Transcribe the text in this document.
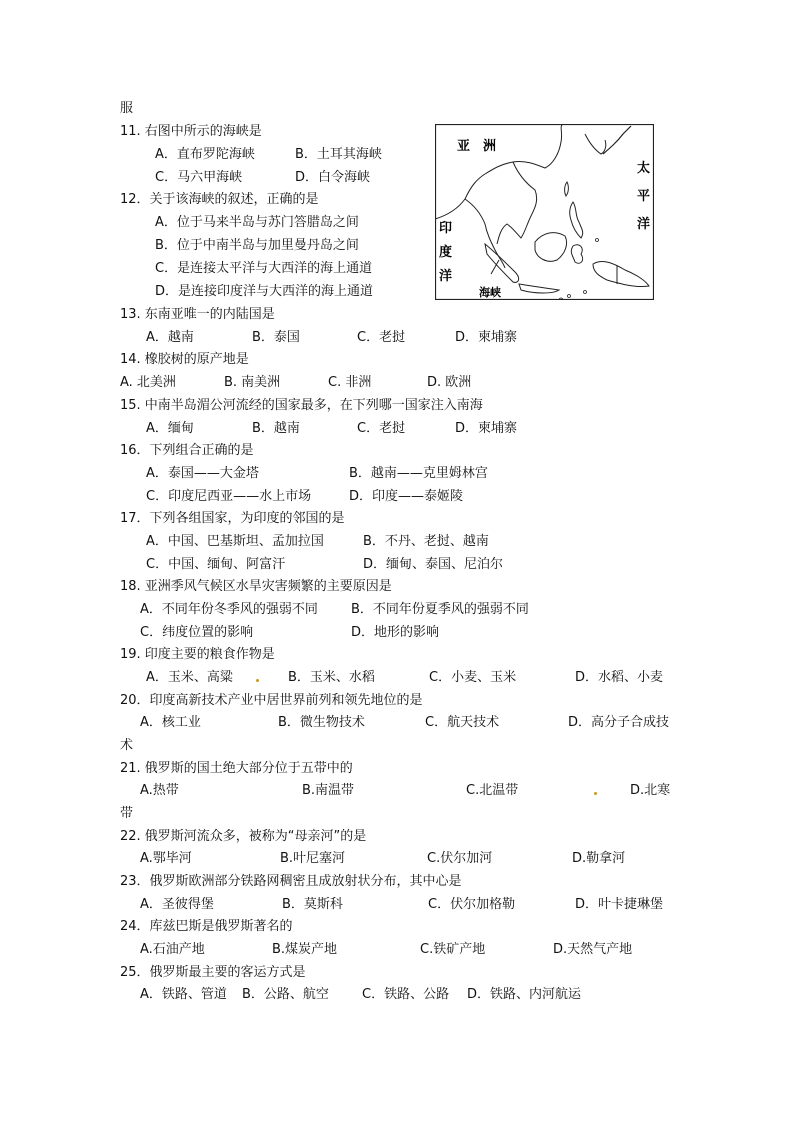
服
11. 右图中所示的海峡是
A．直布罗陀海峡	B．土耳其海峡
C．马六甲海峡	D．白令海峡
12．关于该海峡的叙述，正确的是
A．位于马来半岛与苏门答腊岛之间
B．位于中南半岛与加里曼丹岛之间
C．是连接太平洋与大西洋的海上通道
D．是连接印度洋与大西洋的海上通道
亚　洲
太
平
洋
印
度
洋
海峡
13. 东南亚唯一的内陆国是
A．越南	B．泰国	C．老挝	D．柬埔寨
14. 橡胶树的原产地是
A. 北美洲	B. 南美洲	C. 非洲	D. 欧洲
15. 中南半岛湄公河流经的国家最多，在下列哪一国家注入南海
A．缅甸	B．越南	C．老挝	D．柬埔寨
16．下列组合正确的是
A．泰国——大金塔	B．越南——克里姆林宫
C．印度尼西亚——水上市场	D．印度——泰姬陵
17．下列各组国家，为印度的邻国的是
A．中国、巴基斯坦、孟加拉国	B．不丹、老挝、越南
C．中国、缅甸、阿富汗	D．缅甸、泰国、尼泊尔
18. 亚洲季风气候区水旱灾害频繁的主要原因是
A．不同年份冬季风的强弱不同	B．不同年份夏季风的强弱不同
C．纬度位置的影响	D．地形的影响
19. 印度主要的粮食作物是
A．玉米、高粱	B．玉米、水稻	C．小麦、玉米	D．水稻、小麦
20．印度高新技术产业中居世界前列和领先地位的是
A．核工业	B．微生物技术	C．航天技术	D．高分子合成技
术
21. 俄罗斯的国土绝大部分位于五带中的
A.热带	B.南温带	C.北温带	D.北寒
带
22. 俄罗斯河流众多，被称为“母亲河”的是
A.鄂毕河	B.叶尼塞河	C.伏尔加河	D.勒拿河
23．俄罗斯欧洲部分铁路网稠密且成放射状分布，其中心是
A．圣彼得堡	B．莫斯科	C．伏尔加格勒	D．叶卡捷琳堡
24．库兹巴斯是俄罗斯著名的
A.石油产地	B.煤炭产地	C.铁矿产地	D.天然气产地
25．俄罗斯最主要的客运方式是
A．铁路、管道 B．公路、航空	C．铁路、公路 D．铁路、内河航运
